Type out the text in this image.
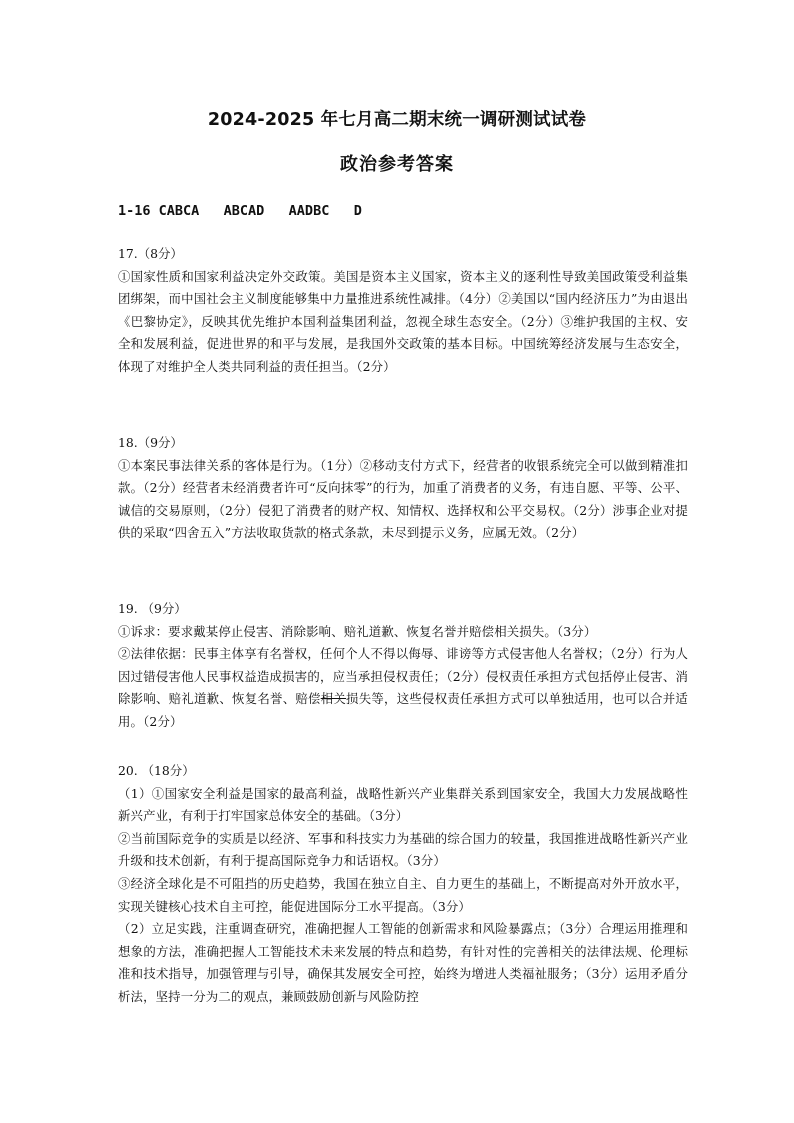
2024-2025 年七月高二期末统一调研测试试卷
政治参考答案
1-16 CABCA   ABCAD   AADBC   D

17.（8分）

①国家性质和国家利益决定外交政策。美国是资本主义国家，资本主义的逐利性导致美国政策受利益集团绑架，而中国社会主义制度能够集中力量推进系统性减排。（4分）②美国以“国内经济压力”为由退出《巴黎协定》，反映其优先维护本国利益集团利益，忽视全球生态安全。（2分）③维护我国的主权、安全和发展利益，促进世界的和平与发展，是我国外交政策的基本目标。中国统筹经济发展与生态安全，体现了对维护全人类共同利益的责任担当。（2分）

18.（9分）

①本案民事法律关系的客体是行为。（1分）②移动支付方式下，经营者的收银系统完全可以做到精准扣款。（2分）经营者未经消费者许可“反向抹零”的行为，加重了消费者的义务，有违自愿、平等、公平、诚信的交易原则，（2分）侵犯了消费者的财产权、知情权、选择权和公平交易权。（2分）涉事企业对提供的采取“四舍五入”方法收取货款的格式条款，未尽到提示义务，应属无效。（2分）

19. （9分）

①诉求：要求戴某停止侵害、消除影响、赔礼道歉、恢复名誉并赔偿相关损失。（3分）

②法律依据：民事主体享有名誉权，任何个人不得以侮辱、诽谤等方式侵害他人名誉权；（2分）行为人因过错侵害他人民事权益造成损害的，应当承担侵权责任；（2分）侵权责任承担方式包括停止侵害、消除影响、赔礼道歉、恢复名誉、赔偿相关损失等，这些侵权责任承担方式可以单独适用，也可以合并适用。（2分）

20. （18分）

（1）①国家安全利益是国家的最高利益，战略性新兴产业集群关系到国家安全，我国大力发展战略性新兴产业，有利于打牢国家总体安全的基础。（3分）

②当前国际竞争的实质是以经济、军事和科技实力为基础的综合国力的较量，我国推进战略性新兴产业升级和技术创新，有利于提高国际竞争力和话语权。（3分）

③经济全球化是不可阻挡的历史趋势，我国在独立自主、自力更生的基础上，不断提高对外开放水平，实现关键核心技术自主可控，能促进国际分工水平提高。（3分）

（2）立足实践，注重调查研究，准确把握人工智能的创新需求和风险暴露点；（3分）合理运用推理和想象的方法，准确把握人工智能技术未来发展的特点和趋势，有针对性的完善相关的法律法规、伦理标准和技术指导，加强管理与引导，确保其发展安全可控，始终为增进人类福祉服务；（3分）运用矛盾分析法，坚持一分为二的观点，兼顾鼓励创新与风险防控
